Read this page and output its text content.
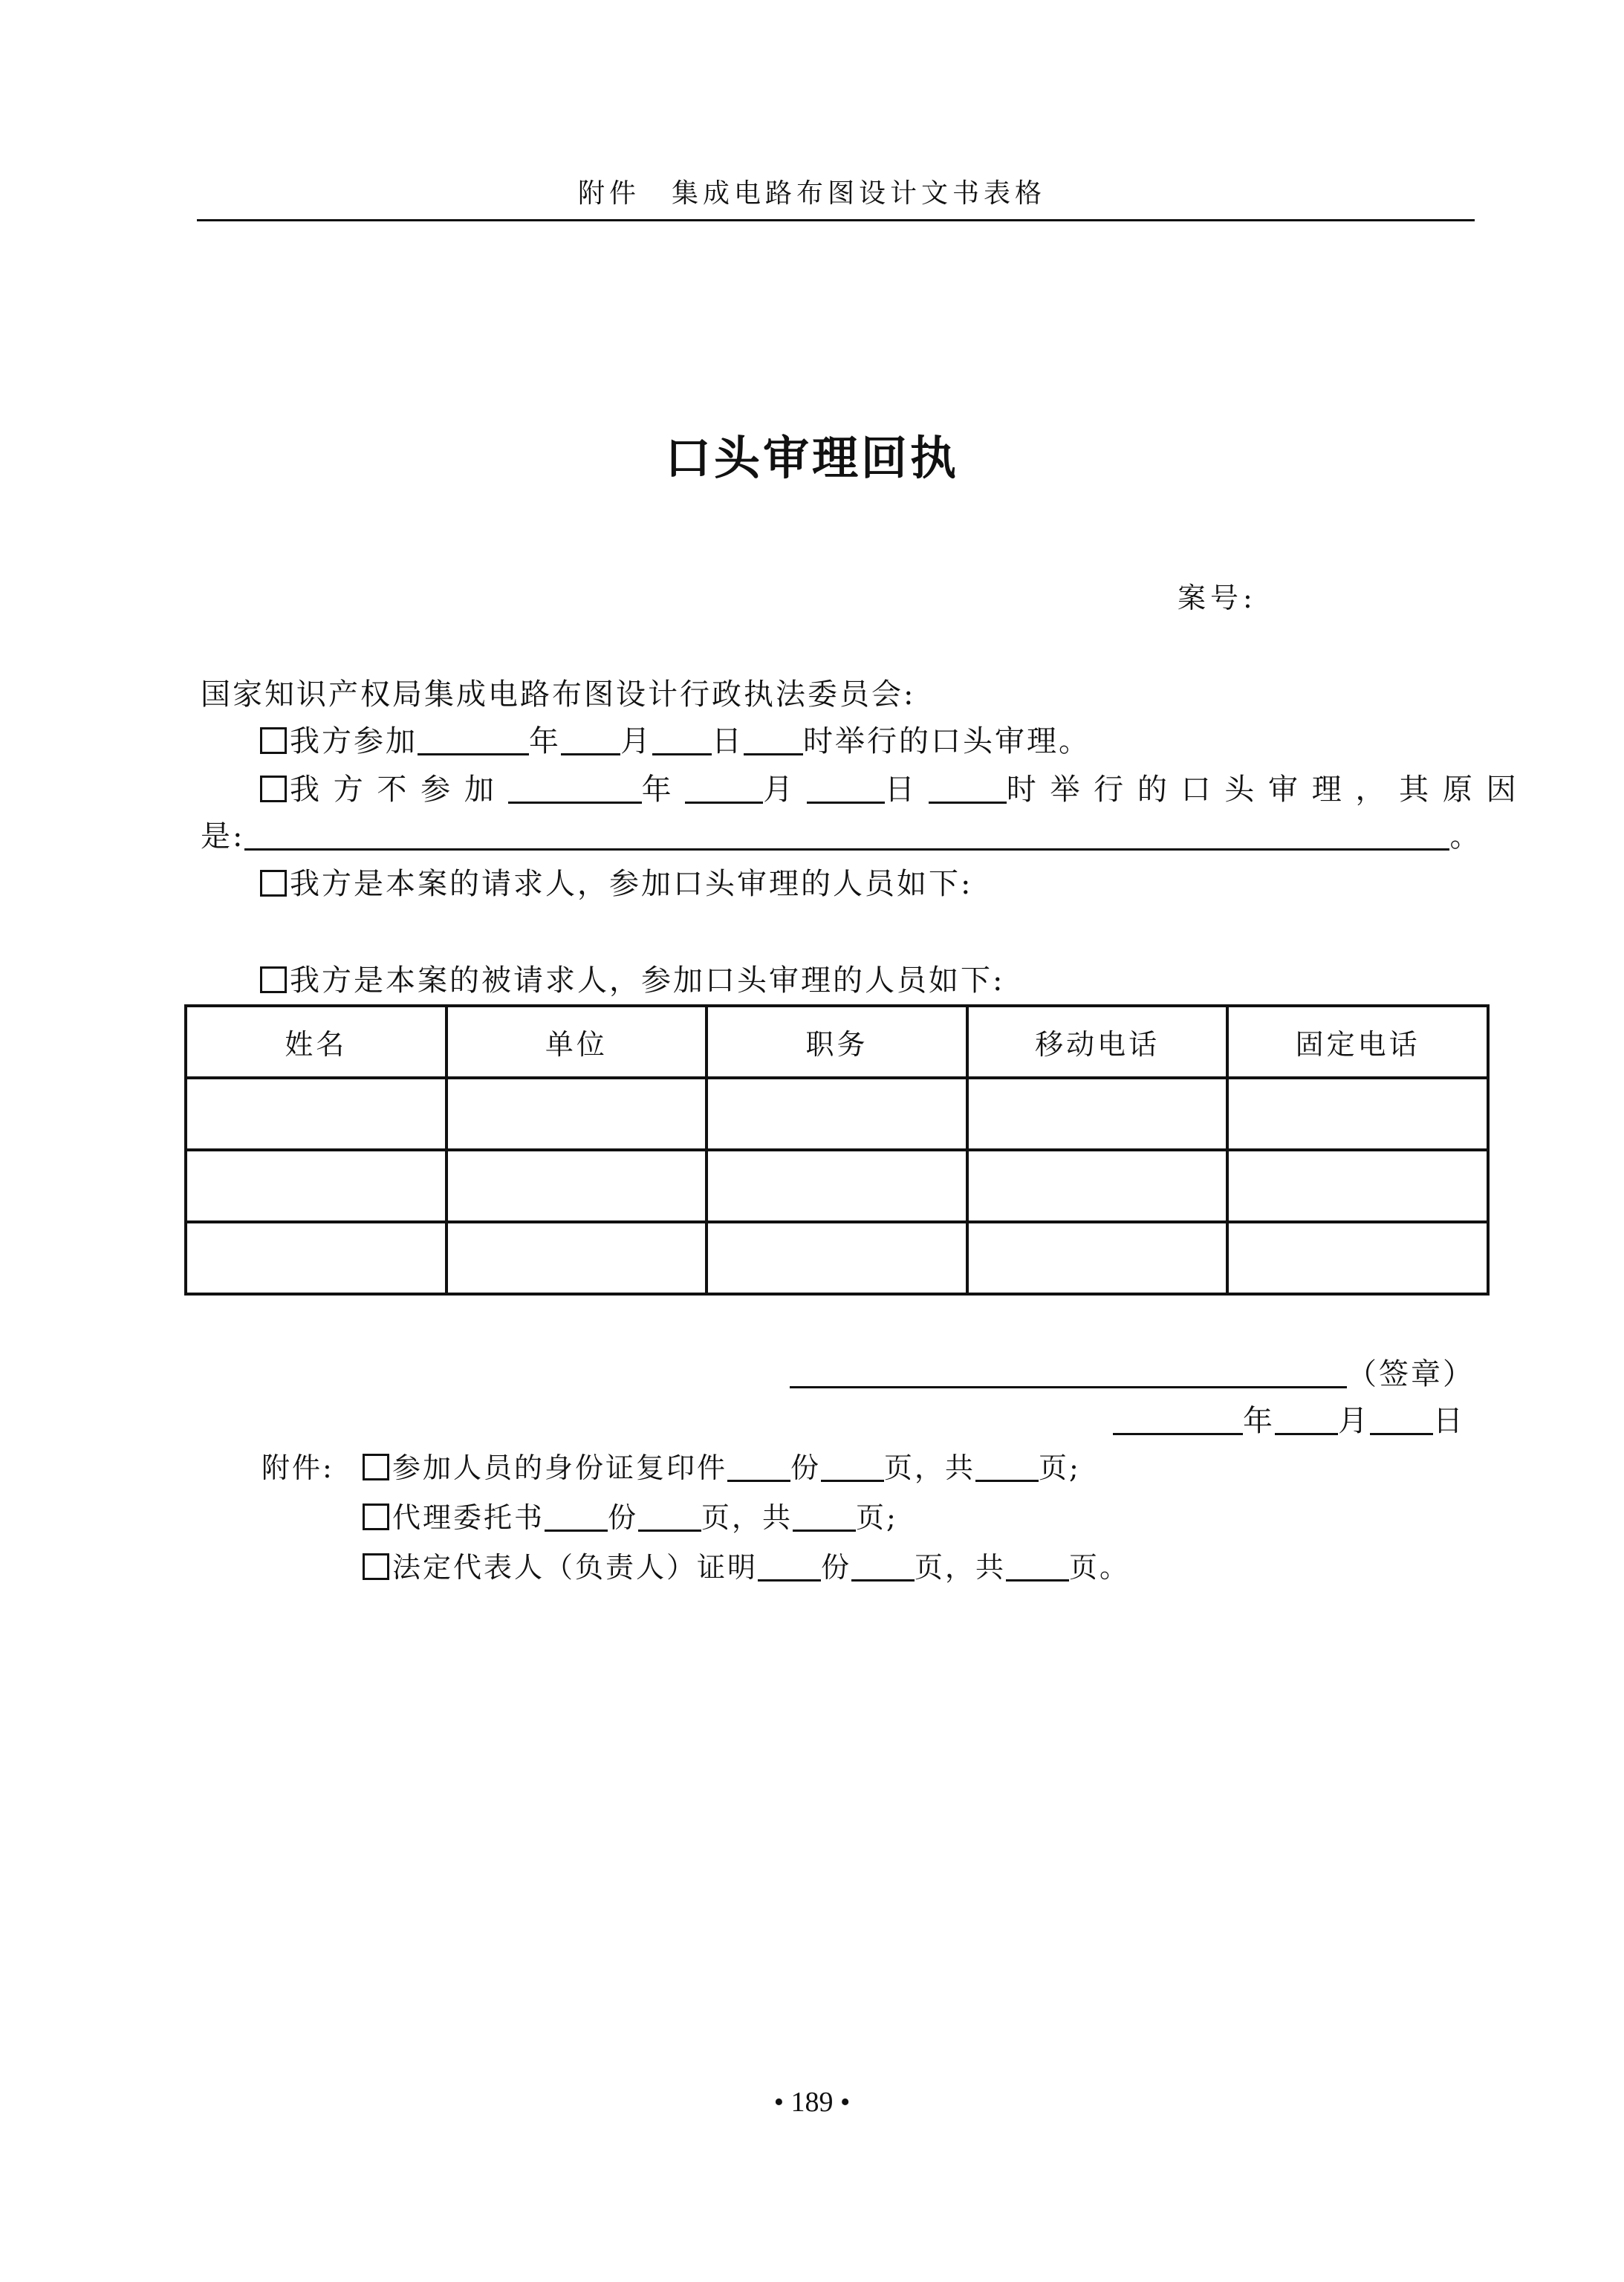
附件　集成电路布图设计文书表格
口头审理回执
案号:
国家知识产权局集成电路布图设计行政执法委员会:
我方参加	年 月 日 时举行的口头审理。
我 方 不 参 加	年	月	日	时 举 行 的 口 头 审 理 ， 其 原 因
是:	。
我方是本案的请求人，参加口头审理的人员如下:
我方是本案的被请求人，参加口头审理的人员如下:
姓名	单位	职务	移动电话	固定电话

（签章）
年 月 日
附件:	参加人员的身份证复印件 份 页，共 页;
代理委托书 份 页，共 页;
法定代表人（负责人）证明 份 页，共 页。
• 189 •
